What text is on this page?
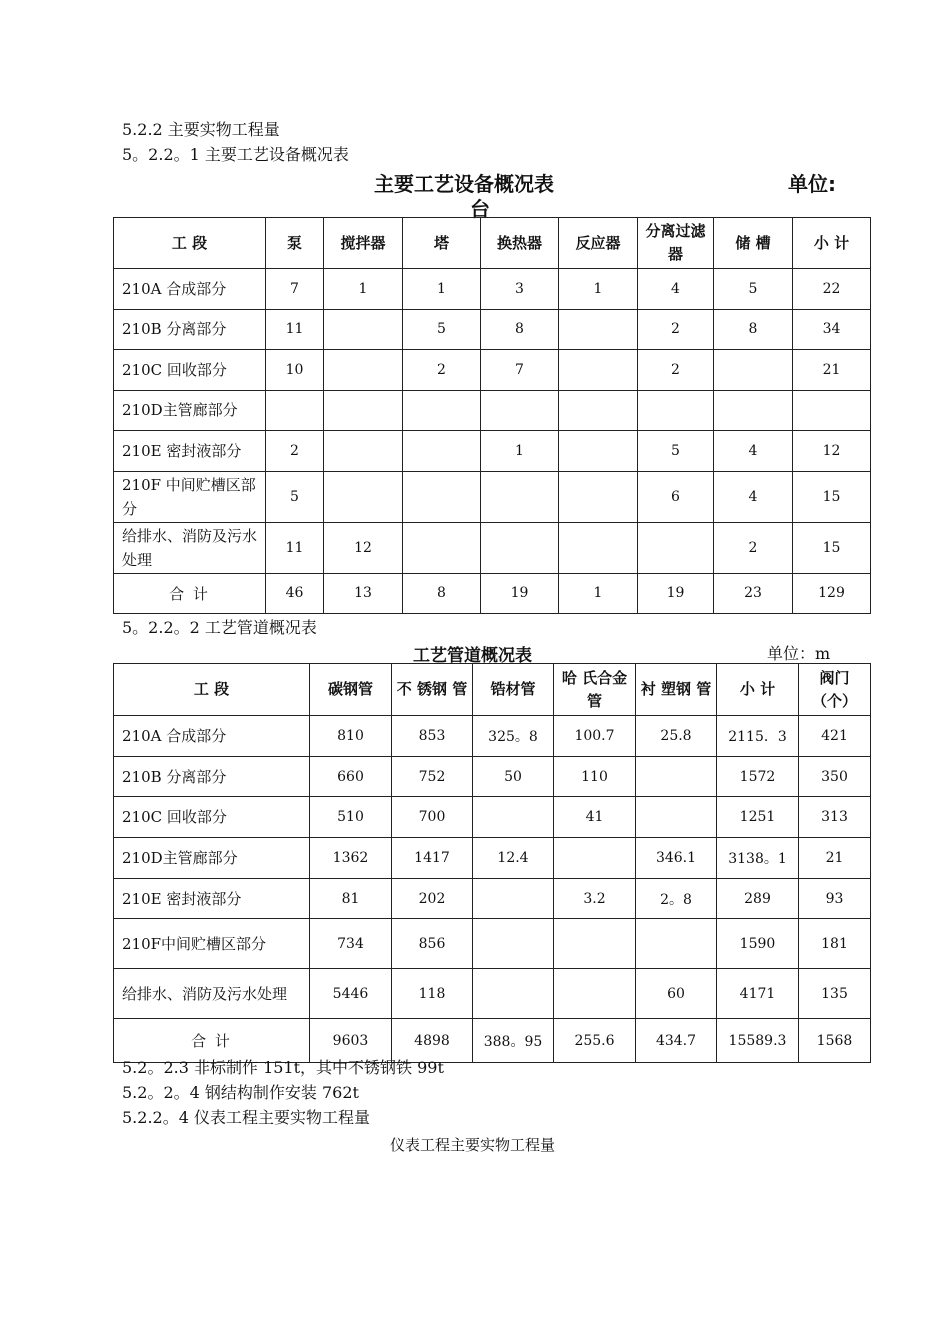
5.2.2 主要实物工程量
5。2.2。1 主要工艺设备概况表
主要工艺设备概况表	单位:
台
工 段	泵	搅拌器	塔	换热器	反应器	分离过滤器	储 槽	小 计
210A 合成部分	7	1	1	3	1	4	5	22
210B 分离部分	11		5	8		2	8	34
210C 回收部分	10		2	7		2		21
210D主管廊部分								
210E 密封液部分	2			1		5	4	12
210F 中间贮槽区部分	5					6	4	15
给排水、消防及污水处理	11	12					2	15
合 计	46	13	8	19	1	19	23	129
5。2.2。2 工艺管道概况表
工艺管道概况表	单位：m
工 段	碳钢管	不 锈钢 管	锆材管	哈 氏合金管	衬 塑钢 管	小 计	阀门（个）
210A 合成部分	810	853	325。8	100.7	25.8	2115．3	421
210B 分离部分	660	752	50	110		1572	350
210C 回收部分	510	700		41		1251	313
210D主管廊部分	1362	1417	12.4		346.1	3138。1	21
210E 密封液部分	81	202		3.2	2。8	289	93
210F中间贮槽区部分	734	856				1590	181
给排水、消防及污水处理	5446	118			60	4171	135
合 计	9603	4898	388。95	255.6	434.7	15589.3	1568
5.2。2.3 非标制作 151t，其中不锈钢铁 99t
5.2。2。4 钢结构制作安装 762t
5.2.2。4 仪表工程主要实物工程量
仪表工程主要实物工程量
